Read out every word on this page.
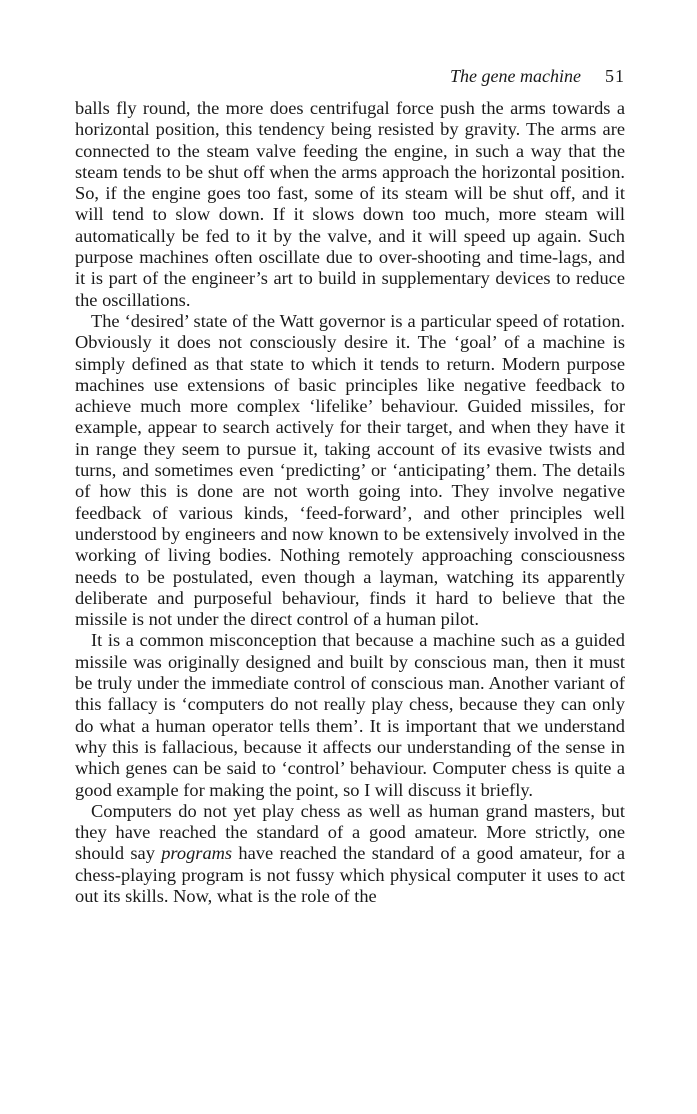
The gene machine 51

balls fly round, the more does centrifugal force push the arms towards a horizontal position, this tendency being resisted by gravity. The arms are connected to the steam valve feeding the engine, in such a way that the steam tends to be shut off when the arms approach the horizontal position. So, if the engine goes too fast, some of its steam will be shut off, and it will tend to slow down. If it slows down too much, more steam will automatically be fed to it by the valve, and it will speed up again. Such purpose machines often oscillate due to over-shooting and time-lags, and it is part of the engineer’s art to build in supplementary devices to reduce the oscillations.

The ‘desired’ state of the Watt governor is a particular speed of rotation. Obviously it does not consciously desire it. The ‘goal’ of a machine is simply defined as that state to which it tends to return. Modern purpose machines use extensions of basic principles like negative feedback to achieve much more complex ‘lifelike’ behaviour. Guided missiles, for example, appear to search actively for their target, and when they have it in range they seem to pursue it, taking account of its evasive twists and turns, and sometimes even ‘predicting’ or ‘anticipating’ them. The details of how this is done are not worth going into. They involve negative feedback of various kinds, ‘feed-forward’, and other principles well understood by engineers and now known to be extensively involved in the working of living bodies. Nothing remotely approaching consciousness needs to be postulated, even though a layman, watching its apparently deliberate and purposeful behaviour, finds it hard to believe that the missile is not under the direct control of a human pilot.

It is a common misconception that because a machine such as a guided missile was originally designed and built by conscious man, then it must be truly under the immediate control of conscious man. Another variant of this fallacy is ‘computers do not really play chess, because they can only do what a human operator tells them’. It is important that we understand why this is fallacious, because it affects our understanding of the sense in which genes can be said to ‘control’ behaviour. Computer chess is quite a good example for making the point, so I will discuss it briefly.

Computers do not yet play chess as well as human grand masters, but they have reached the standard of a good amateur. More strictly, one should say programs have reached the standard of a good amateur, for a chess-playing program is not fussy which physical computer it uses to act out its skills. Now, what is the role of the
